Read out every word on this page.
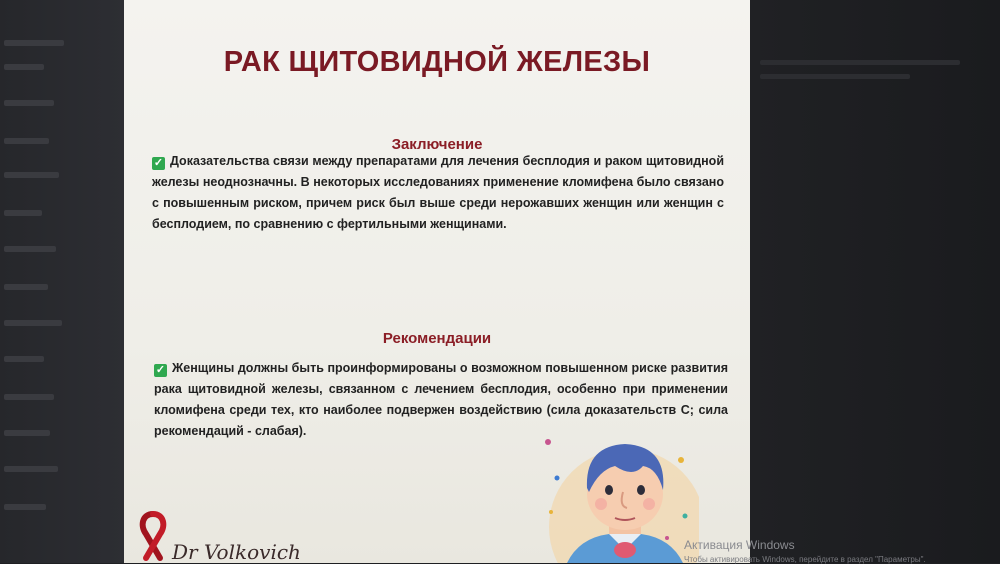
РАК ЩИТОВИДНОЙ ЖЕЛЕЗЫ
Заключение
✓ Доказательства связи между препаратами для лечения бесплодия и раком щитовидной железы неоднозначны. В некоторых исследованиях применение кломифена было связано с повышенным риском, причем риск был выше среди нерожавших женщин или женщин с бесплодием, по сравнению с фертильными женщинами.
Рекомендации
✓ Женщины должны быть проинформированы о возможном повышенном риске развития рака щитовидной железы, связанном с лечением бесплодия, особенно при применении кломифена среди тех, кто наиболее подвержен воздействию (сила доказательств С; сила рекомендаций - слабая).
Dr Volkovich	Активация Windows
Чтобы активировать Windows, перейдите в раздел "Параметры".
